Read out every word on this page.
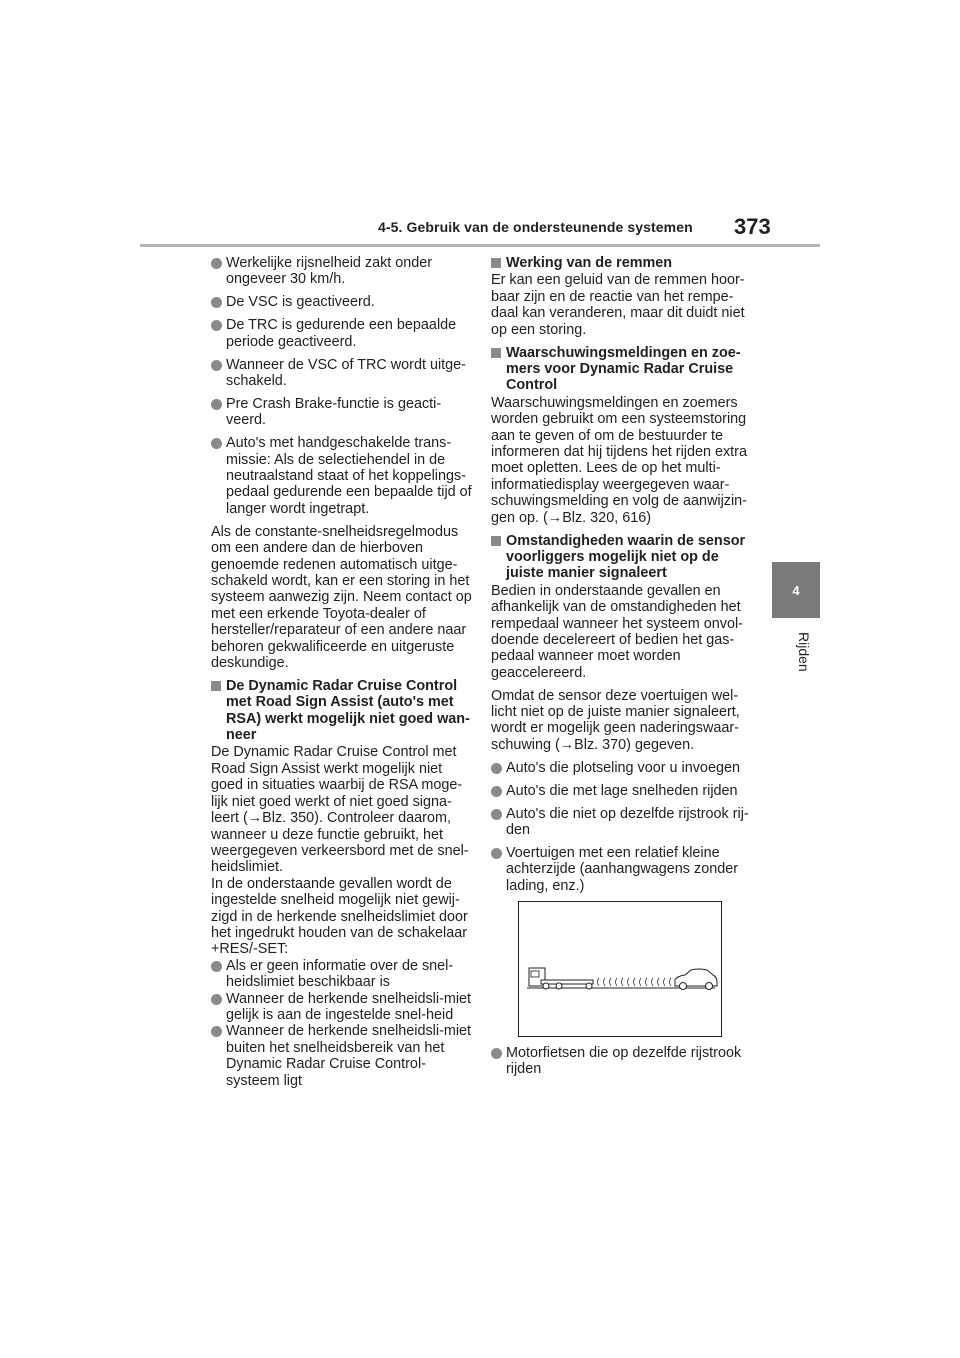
4-5. Gebruik van de ondersteunende systemen 373
4
Rijden
Werkelijke rijsnelheid zakt onder ongeveer 30 km/h.
De VSC is geactiveerd.
De TRC is gedurende een bepaalde periode geactiveerd.
Wanneer de VSC of TRC wordt uitge-schakeld.
Pre Crash Brake-functie is geacti-veerd.
Auto's met handgeschakelde trans-missie: Als de selectiehendel in de neutraalstand staat of het koppelings-pedaal gedurende een bepaalde tijd of langer wordt ingetrapt.

Als de constante-snelheidsregelmodus om een andere dan de hierboven genoemde redenen automatisch uitge-schakeld wordt, kan er een storing in het systeem aanwezig zijn. Neem contact op met een erkende Toyota-dealer of hersteller/reparateur of een andere naar behoren gekwalificeerde en uitgeruste deskundige.

De Dynamic Radar Cruise Control met Road Sign Assist (auto's met RSA) werkt mogelijk niet goed wan-neer

De Dynamic Radar Cruise Control met Road Sign Assist werkt mogelijk niet goed in situaties waarbij de RSA moge-lijk niet goed werkt of niet goed signa-leert (→Blz. 350). Controleer daarom, wanneer u deze functie gebruikt, het weergegeven verkeersbord met de snel-heidslimiet.

In de onderstaande gevallen wordt de ingestelde snelheid mogelijk niet gewij-zigd in de herkende snelheidslimiet door het ingedrukt houden van de schakelaar +RES/-SET:

Als er geen informatie over de snel-heidslimiet beschikbaar is
Wanneer de herkende snelheidsli-miet gelijk is aan de ingestelde snel-heid
Wanneer de herkende snelheidsli-miet buiten het snelheidsbereik van het Dynamic Radar Cruise Control-systeem ligt
Werking van de remmen

Er kan een geluid van de remmen hoor-baar zijn en de reactie van het rempe-daal kan veranderen, maar dit duidt niet op een storing.

Waarschuwingsmeldingen en zoe-mers voor Dynamic Radar Cruise Control

Waarschuwingsmeldingen en zoemers worden gebruikt om een systeemstoring aan te geven of om de bestuurder te informeren dat hij tijdens het rijden extra moet opletten. Lees de op het multi-informatiedisplay weergegeven waar-schuwingsmelding en volg de aanwijzin-gen op. (→Blz. 320, 616)

Omstandigheden waarin de sensor voorliggers mogelijk niet op de juiste manier signaleert

Bedien in onderstaande gevallen en afhankelijk van de omstandigheden het rempedaal wanneer het systeem onvol-doende decelereert of bedien het gas-pedaal wanneer moet worden geaccelereerd.

Omdat de sensor deze voertuigen wel-licht niet op de juiste manier signaleert, wordt er mogelijk geen naderingswaar-schuwing (→Blz. 370) gegeven.

Auto's die plotseling voor u invoegen
Auto's die met lage snelheden rijden
Auto's die niet op dezelfde rijstrook rij-den
Voertuigen met een relatief kleine achterzijde (aanhangwagens zonder lading, enz.)
Motorfietsen die op dezelfde rijstrook rijden
